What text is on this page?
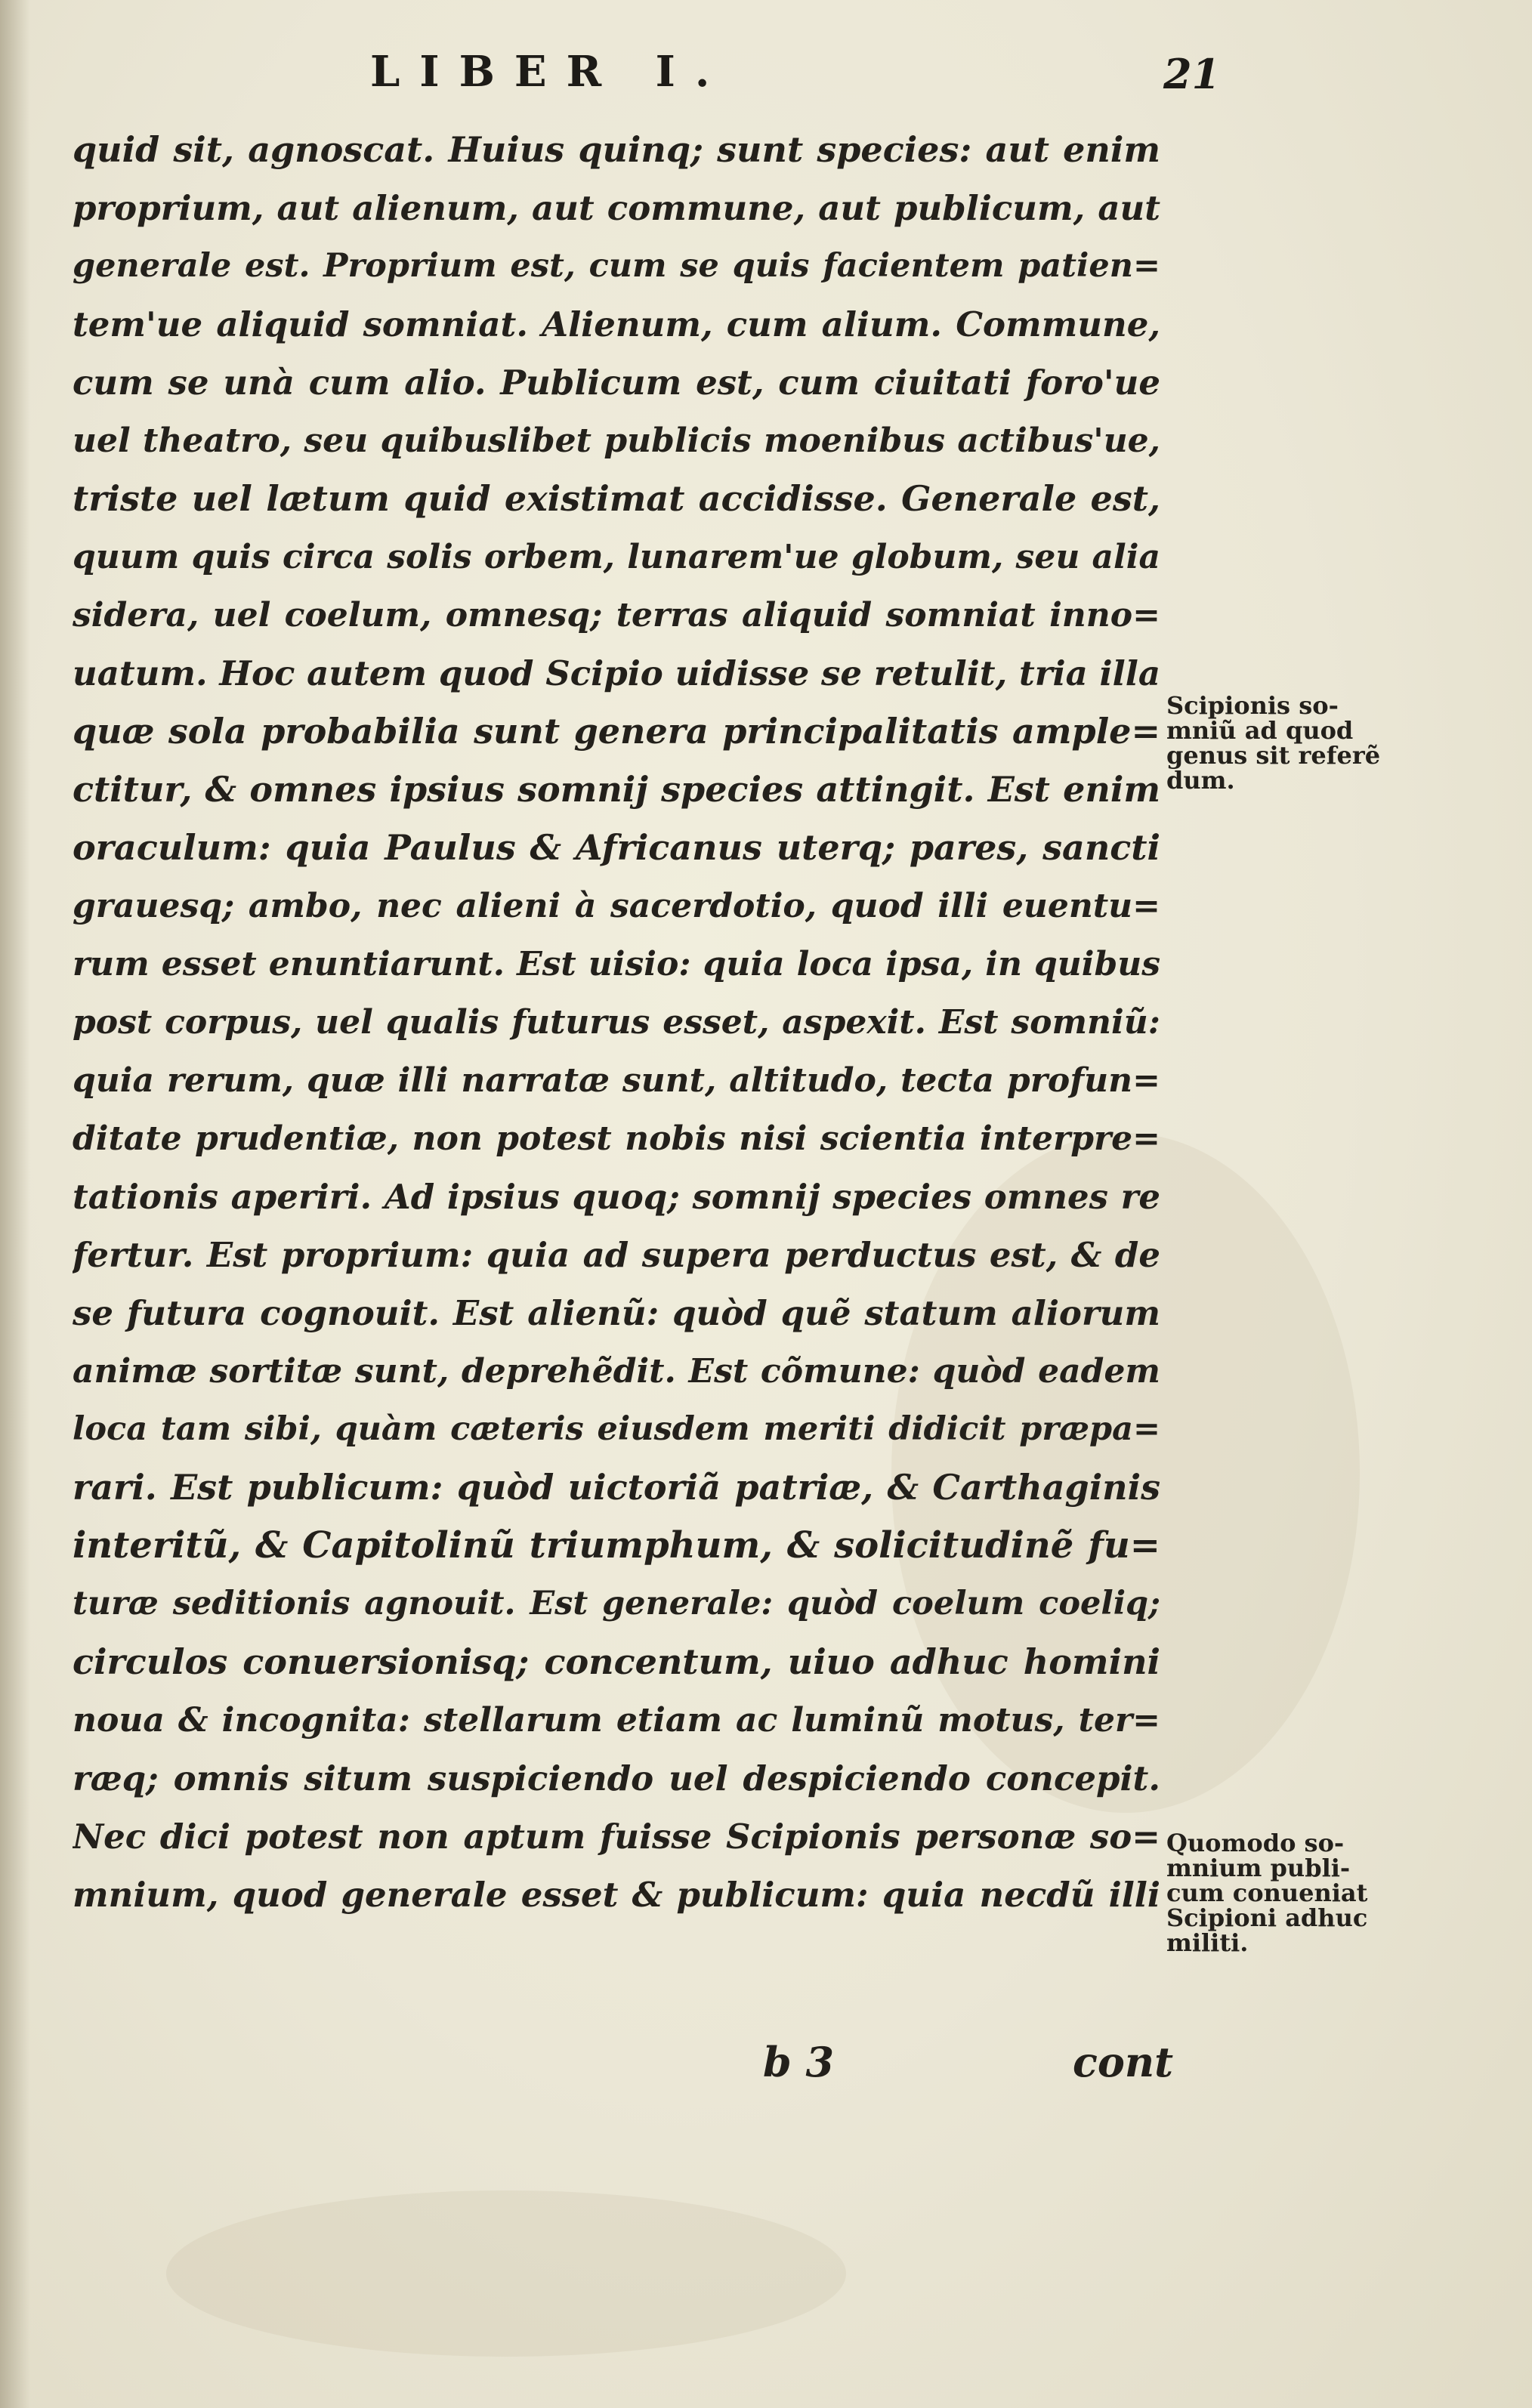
LIBER I.	21
quid sit, agnoscat. Huius quinq; sunt species: aut enim
proprium, aut alienum, aut commune, aut publicum, aut
generale est. Proprium est, cum se quis facientem patien=
tem'ue aliquid somniat. Alienum, cum alium. Commune,
cum se unà cum alio. Publicum est, cum ciuitati foro'ue
uel theatro, seu quibuslibet publicis moenibus actibus'ue,
triste uel lætum quid existimat accidisse. Generale est,
quum quis circa solis orbem, lunarem'ue globum, seu alia
sidera, uel coelum, omnesq; terras aliquid somniat inno=
uatum. Hoc autem quod Scipio uidisse se retulit, tria illa
quæ sola probabilia sunt genera principalitatis ample=
ctitur, & omnes ipsius somnij species attingit. Est enim
oraculum: quia Paulus & Africanus uterq; pares, sancti
grauesq; ambo, nec alieni à sacerdotio, quod illi euentu=
rum esset enuntiarunt. Est uisio: quia loca ipsa, in quibus
post corpus, uel qualis futurus esset, aspexit. Est somniũ:
quia rerum, quæ illi narratæ sunt, altitudo, tecta profun=
ditate prudentiæ, non potest nobis nisi scientia interpre=
tationis aperiri. Ad ipsius quoq; somnij species omnes re
fertur. Est proprium: quia ad supera perductus est, & de
se futura cognouit. Est alienũ: quòd quẽ statum aliorum
animæ sortitæ sunt, deprehẽdit. Est cõmune: quòd eadem
loca tam sibi, quàm cæteris eiusdem meriti didicit præpa=
rari. Est publicum: quòd uictoriã patriæ, & Carthaginis
interitũ, & Capitolinũ triumphum, & solicitudinẽ fu=
turæ seditionis agnouit. Est generale: quòd coelum coeliq;
circulos conuersionisq; concentum, uiuo adhuc homini
noua & incognita: stellarum etiam ac luminũ motus, ter=
ræq; omnis situm suspiciendo uel despiciendo concepit.
Nec dici potest non aptum fuisse Scipionis personæ so=
mnium, quod generale esset & publicum: quia necdũ illi
Scipionis so-
mniũ ad quod
genus sit referẽ
dum.
Quomodo so-
mnium publi-
cum conueniat
Scipioni adhuc
militi.
b 3	cont
